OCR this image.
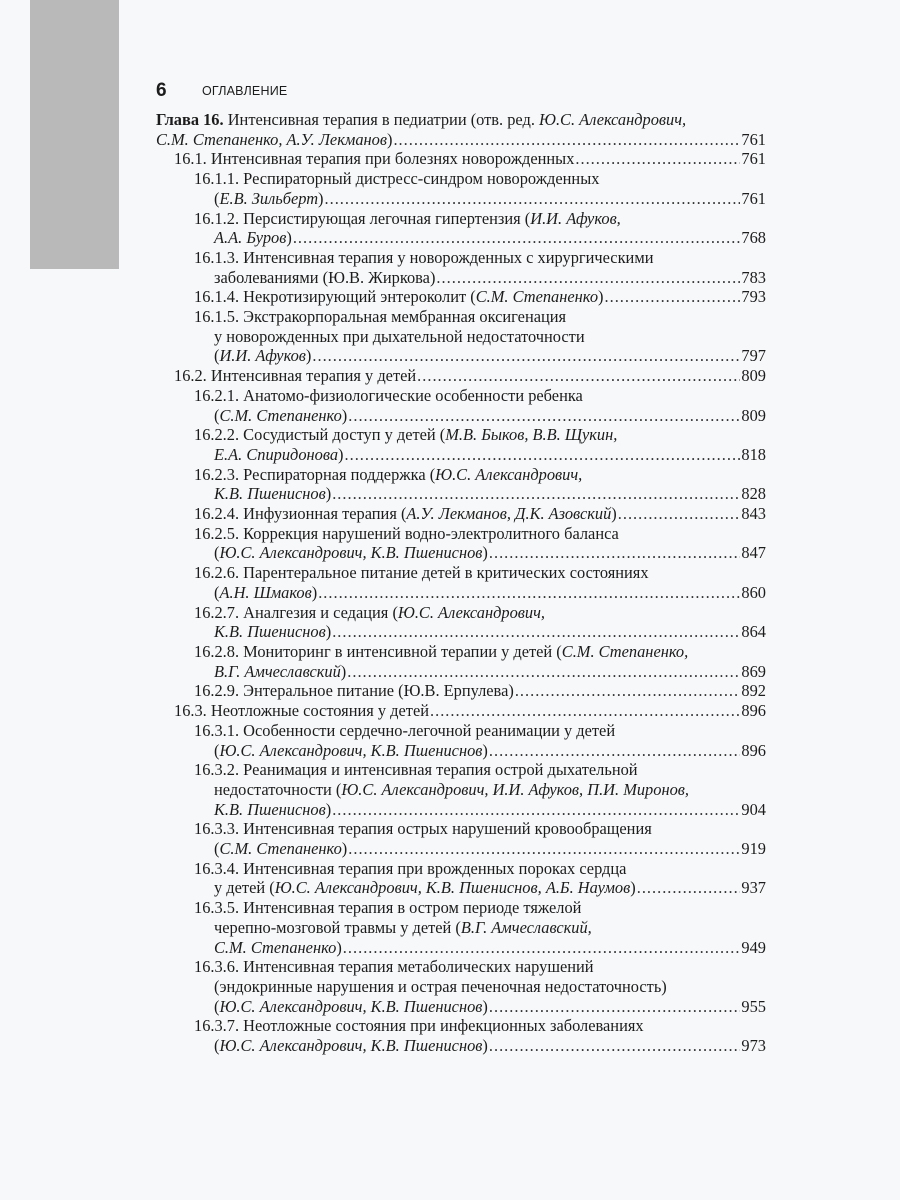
6	ОГЛАВЛЕНИЕ
Глава 16. Интенсивная терапия в педиатрии (отв. ред. Ю.С. Александрович,
С.М. Степаненко, А.У. Лекманов) .....	761
16.1. Интенсивная терапия при болезнях новорожденных .....	761
16.1.1. Респираторный дистресс-синдром новорожденных
(Е.В. Зильберт) .....	761
16.1.2. Персистирующая легочная гипертензия (И.И. Афуков,
А.А. Буров) .....	768
16.1.3. Интенсивная терапия у новорожденных с хирургическими
заболеваниями (Ю.В. Жиркова) .....	783
16.1.4. Некротизирующий энтероколит (С.М. Степаненко) .....	793
16.1.5. Экстракорпоральная мембранная оксигенация
у новорожденных при дыхательной недостаточности
(И.И. Афуков) .....	797
16.2. Интенсивная терапия у детей .....	809
16.2.1. Анатомо-физиологические особенности ребенка
(С.М. Степаненко) .....	809
16.2.2. Сосудистый доступ у детей (М.В. Быков, В.В. Щукин,
Е.А. Спиридонова) .....	818
16.2.3. Респираторная поддержка (Ю.С. Александрович,
К.В. Пшениснов) .....	828
16.2.4. Инфузионная терапия (А.У. Лекманов, Д.К. Азовский) .....	843
16.2.5. Коррекция нарушений водно-электролитного баланса
(Ю.С. Александрович, К.В. Пшениснов) .....	847
16.2.6. Парентеральное питание детей в критических состояниях
(А.Н. Шмаков) .....	860
16.2.7. Аналгезия и седация (Ю.С. Александрович,
К.В. Пшениснов) .....	864
16.2.8. Мониторинг в интенсивной терапии у детей (С.М. Степаненко,
В.Г. Амчеславский) .....	869
16.2.9. Энтеральное питание (Ю.В. Ерпулева) .....	892
16.3. Неотложные состояния у детей .....	896
16.3.1. Особенности сердечно-легочной реанимации у детей
(Ю.С. Александрович, К.В. Пшениснов) .....	896
16.3.2. Реанимация и интенсивная терапия острой дыхательной
недостаточности (Ю.С. Александрович, И.И. Афуков, П.И. Миронов,
К.В. Пшениснов) .....	904
16.3.3. Интенсивная терапия острых нарушений кровообращения
(С.М. Степаненко) .....	919
16.3.4. Интенсивная терапия при врожденных пороках сердца
у детей (Ю.С. Александрович, К.В. Пшениснов, А.Б. Наумов) .....	937
16.3.5. Интенсивная терапия в остром периоде тяжелой
черепно-мозговой травмы у детей (В.Г. Амчеславский,
С.М. Степаненко) .....	949
16.3.6. Интенсивная терапия метаболических нарушений
(эндокринные нарушения и острая печеночная недостаточность)
(Ю.С. Александрович, К.В. Пшениснов) .....	955
16.3.7. Неотложные состояния при инфекционных заболеваниях
(Ю.С. Александрович, К.В. Пшениснов) .....	973
